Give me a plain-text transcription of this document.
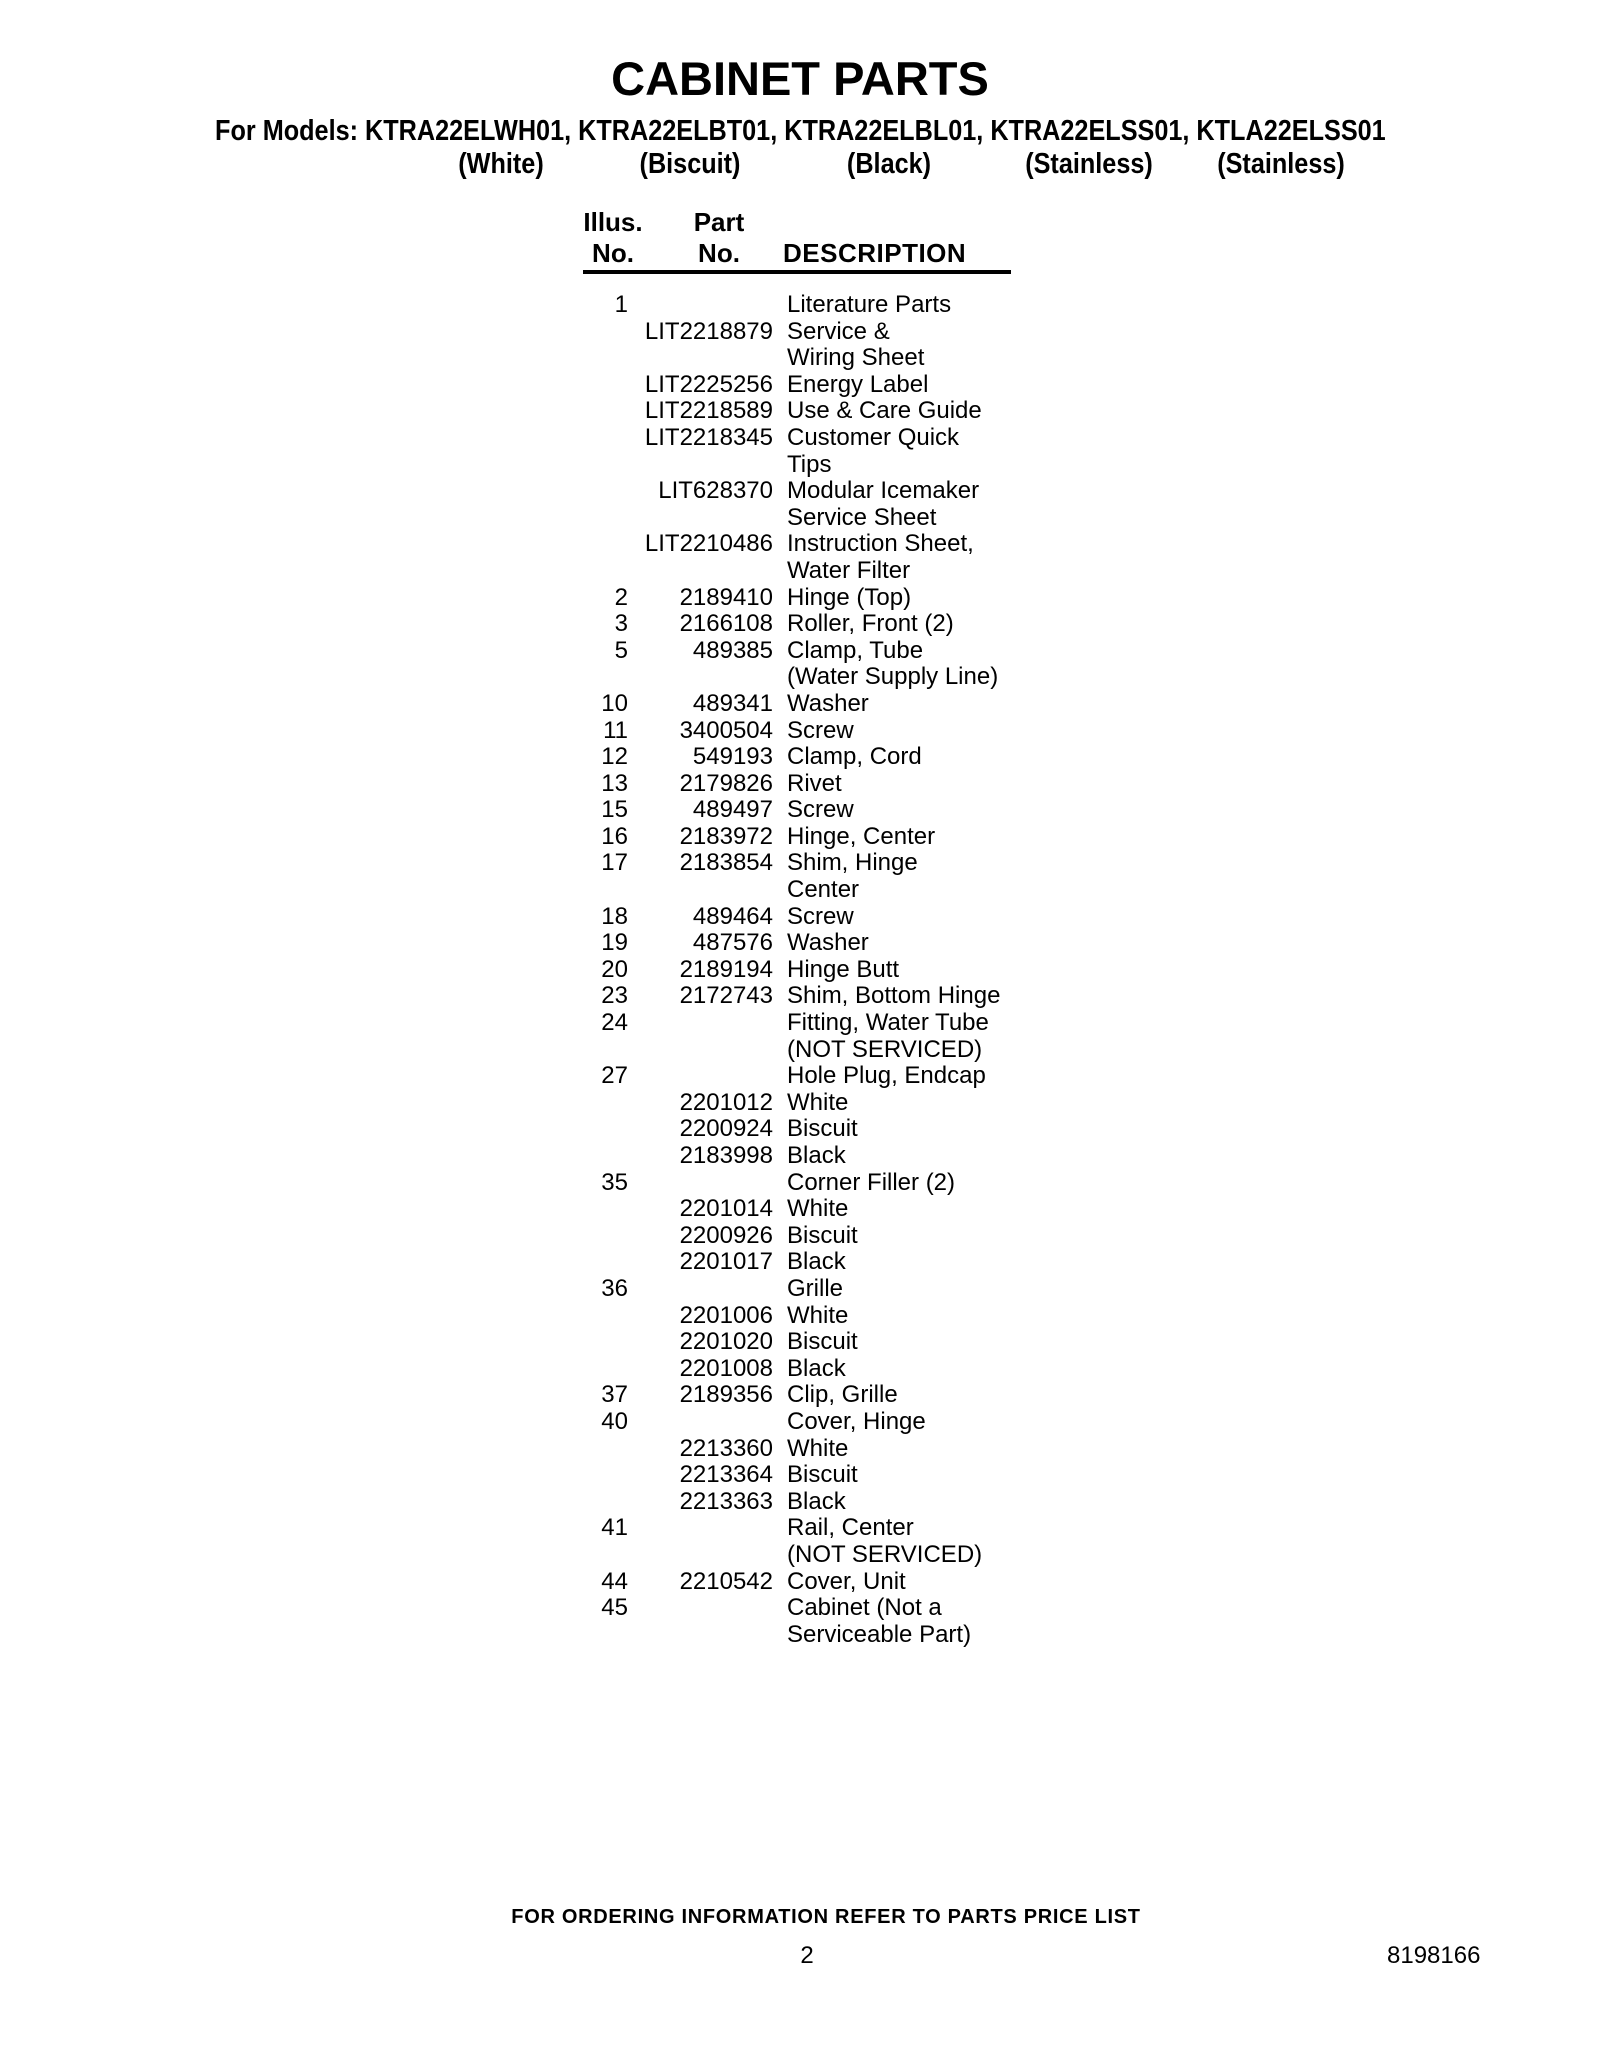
CABINET PARTS
For Models: KTRA22ELWH01, KTRA22ELBT01, KTRA22ELBL01, KTRA22ELSS01, KTLA22ELSS01
(White)	(Biscuit)	(Black)	(Stainless) (Stainless)
Illus.
No.
Part
No. DESCRIPTION
1	Literature Parts
LIT2218879 Service &
Wiring Sheet
LIT2225256 Energy Label
LIT2218589 Use & Care Guide
LIT2218345 Customer Quick
Tips
LIT628370 Modular Icemaker
Service Sheet
LIT2210486 Instruction Sheet,
Water Filter
2	2189410 Hinge (Top)
3	2166108 Roller, Front (2)
5	489385 Clamp, Tube
(Water Supply Line)
10	489341 Washer
11	3400504 Screw
12	549193 Clamp, Cord
13	2179826 Rivet
15	489497 Screw
16	2183972 Hinge, Center
17	2183854 Shim, Hinge
Center
18	489464 Screw
19	487576 Washer
20	2189194 Hinge Butt
23	2172743 Shim, Bottom Hinge
24	Fitting, Water Tube
(NOT SERVICED)
27	Hole Plug, Endcap
2201012 White
2200924 Biscuit
2183998 Black
35	Corner Filler (2)
2201014 White
2200926 Biscuit
2201017 Black
36	Grille
2201006 White
2201020 Biscuit
2201008 Black
37	2189356 Clip, Grille
40	Cover, Hinge
2213360 White
2213364 Biscuit
2213363 Black
41	Rail, Center
(NOT SERVICED)
44	2210542 Cover, Unit
45	Cabinet (Not a
Serviceable Part)
FOR ORDERING INFORMATION REFER TO PARTS PRICE LIST
2	8198166
